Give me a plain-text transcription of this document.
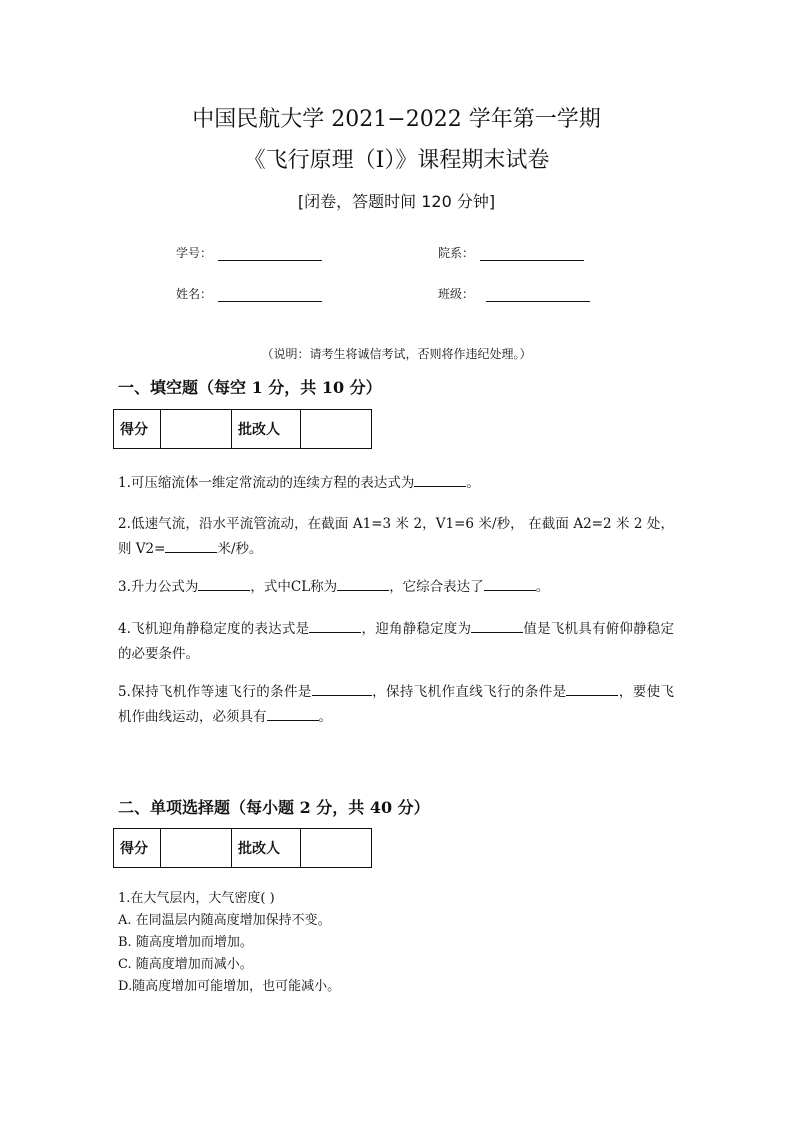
中国民航大学 2021−2022 学年第一学期
《飞行原理（Ⅰ）》课程期末试卷
[闭卷，答题时间 120 分钟]
学号：	院系：
姓名：	班级：
（说明：请考生将诚信考试，否则将作违纪处理。）
一、填空题（每空 1 分，共 10 分）
得分		批改人	
1.可压缩流体一维定常流动的连续方程的表达式为	。
2.低速气流，沿水平流管流动，在截面 A1=3 米 2，V1=6 米/秒， 在截面 A2=2 米 2 处，则 V2=	米/秒。
3.升力公式为	，式中CL称为	，它综合表达了	。
4.飞机迎角静稳定度的表达式是	，迎角静稳定度为	值是飞机具有俯仰静稳定的必要条件。
5.保持飞机作等速飞行的条件是	，保持飞机作直线飞行的条件是	，要使飞机作曲线运动，必须具有	。
二、单项选择题（每小题 2 分，共 40 分）
得分		批改人	
1.在大气层内，大气密度( )
A. 在同温层内随高度增加保持不变。
B. 随高度增加而增加。
C. 随高度增加而减小。
D.随高度增加可能增加，也可能减小。
